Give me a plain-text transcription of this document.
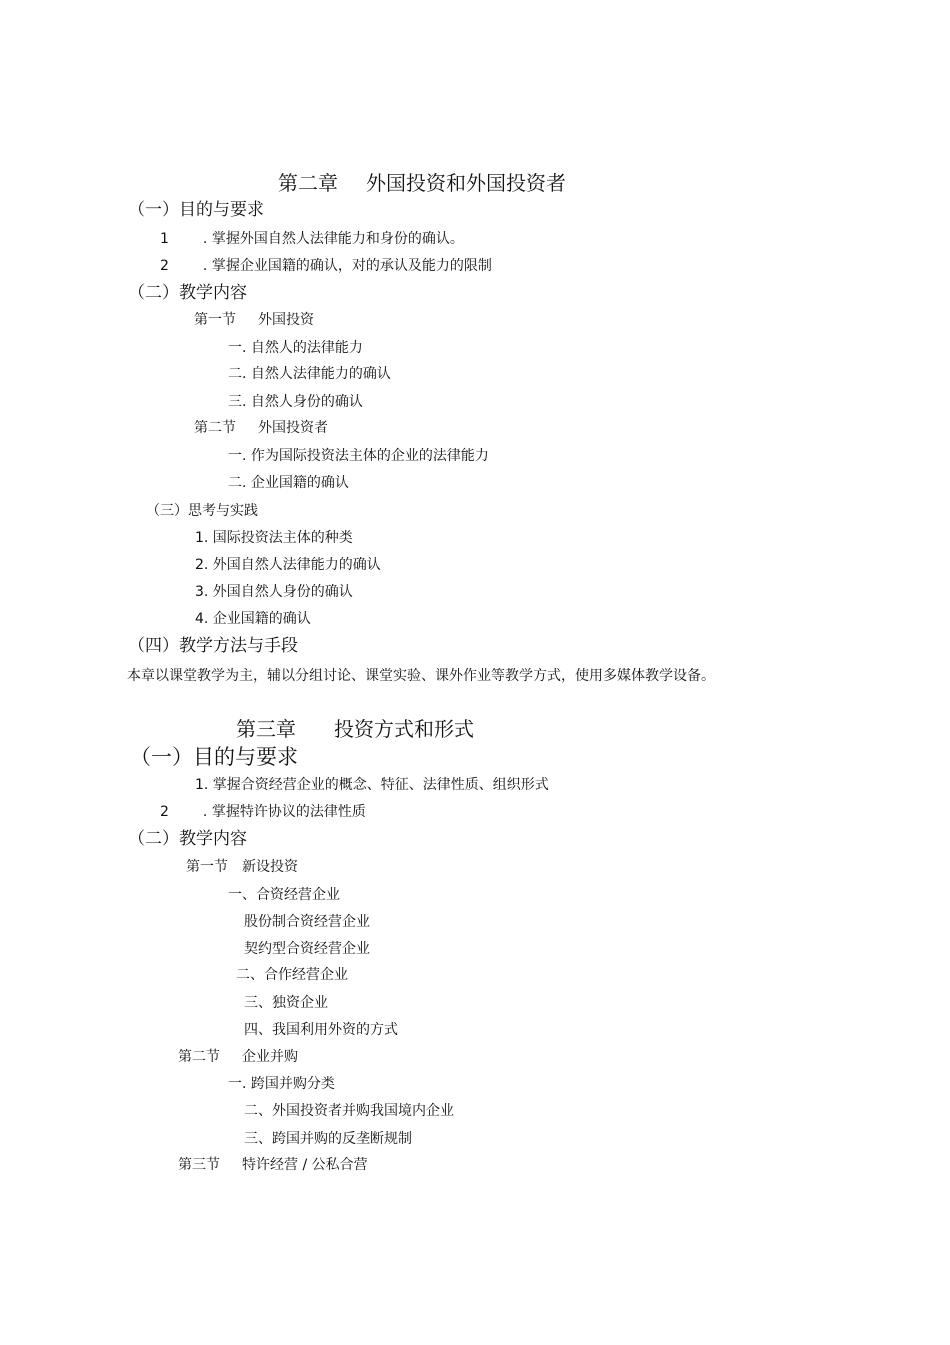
第二章 外国投资和外国投资者
（一）目的与要求
1 . 掌握外国自然人法律能力和身份的确认。
2 . 掌握企业国籍的确认，对的承认及能力的限制
（二）教学内容
第一节 外国投资
一. 自然人的法律能力
二. 自然人法律能力的确认
三. 自然人身份的确认
第二节 外国投资者
一. 作为国际投资法主体的企业的法律能力
二. 企业国籍的确认
（三）思考与实践
1. 国际投资法主体的种类
2. 外国自然人法律能力的确认
3. 外国自然人身份的确认
4. 企业国籍的确认
（四）教学方法与手段
本章以课堂教学为主，辅以分组讨论、课堂实验、课外作业等教学方式，使用多媒体教学设备。
第三章 投资方式和形式
（一）目的与要求
1. 掌握合资经营企业的概念、特征、法律性质、组织形式
2 . 掌握特许协议的法律性质
（二）教学内容
第一节 新设投资
一、合资经营企业
股份制合资经营企业
契约型合资经营企业
二、合作经营企业
三、独资企业
四、我国利用外资的方式
第二节 企业并购
一. 跨国并购分类
二、外国投资者并购我国境内企业
三、跨国并购的反垄断规制
第三节 特许经营 / 公私合营
